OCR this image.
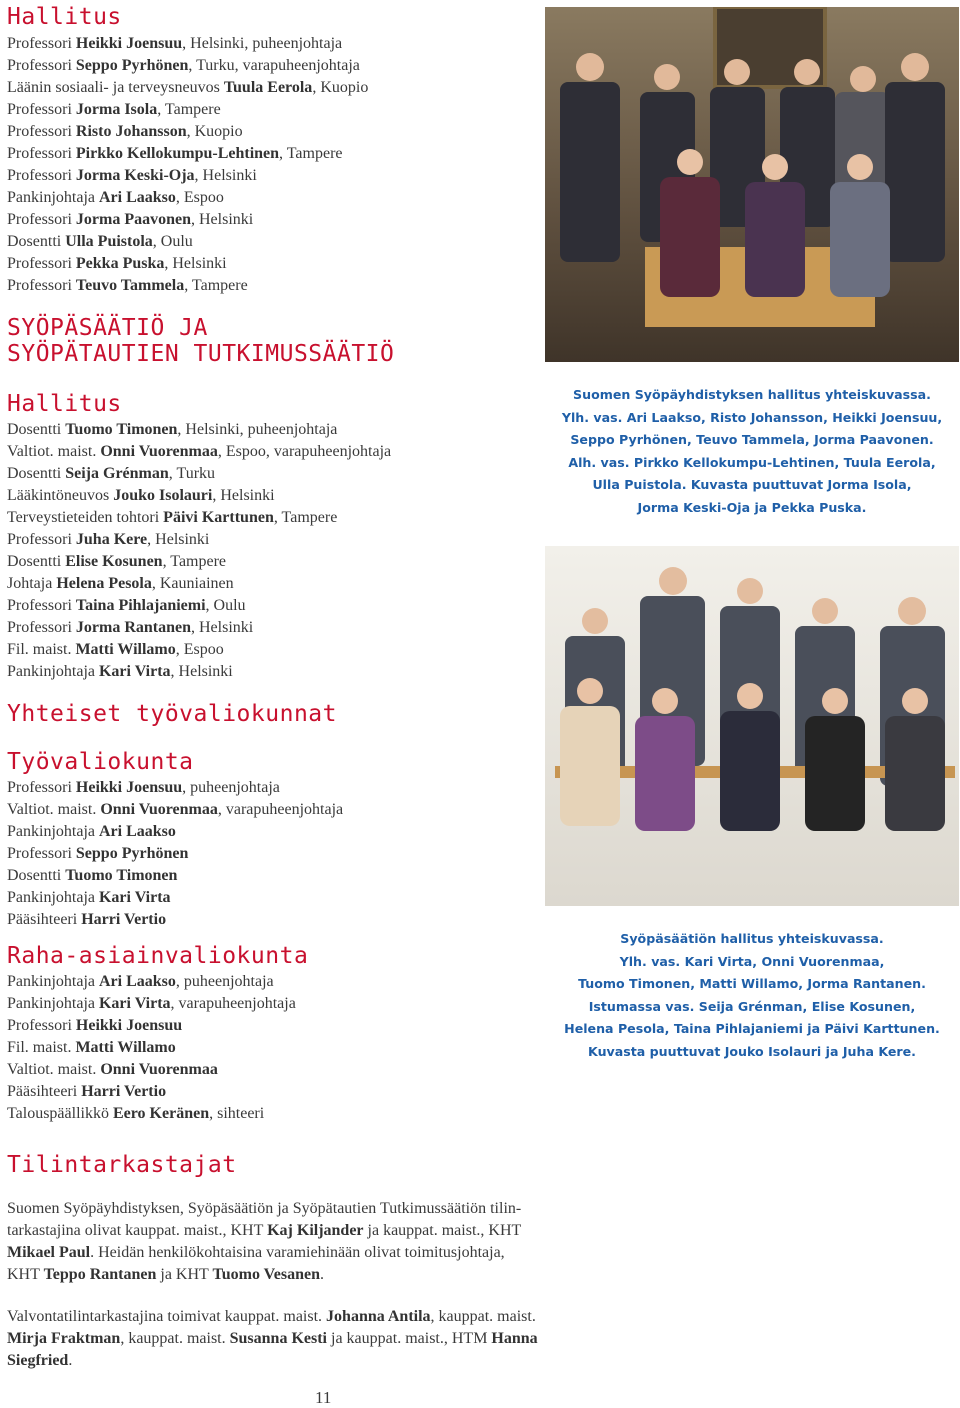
Hallitus
Professori Heikki Joensuu, Helsinki, puheenjohtaja
Professori Seppo Pyrhönen, Turku, varapuheenjohtaja
Läänin sosiaali- ja terveysneuvos Tuula Eerola, Kuopio
Professori Jorma Isola, Tampere
Professori Risto Johansson, Kuopio
Professori Pirkko Kellokumpu-Lehtinen, Tampere
Professori Jorma Keski-Oja, Helsinki
Pankinjohtaja Ari Laakso, Espoo
Professori Jorma Paavonen, Helsinki
Dosentti Ulla Puistola, Oulu
Professori Pekka Puska, Helsinki
Professori Teuvo Tammela, Tampere
SYÖPÄSÄÄTIÖ JA
SYÖPÄTAUTIEN TUTKIMUSSÄÄTIÖ
Hallitus
Dosentti Tuomo Timonen, Helsinki, puheenjohtaja
Valtiot. maist. Onni Vuorenmaa, Espoo, varapuheenjohtaja
Dosentti Seija Grénman, Turku
Lääkintöneuvos Jouko Isolauri, Helsinki
Terveystieteiden tohtori Päivi Karttunen, Tampere
Professori Juha Kere, Helsinki
Dosentti Elise Kosunen, Tampere
Johtaja Helena Pesola, Kauniainen
Professori Taina Pihlajaniemi, Oulu
Professori Jorma Rantanen, Helsinki
Fil. maist. Matti Willamo, Espoo
Pankinjohtaja Kari Virta, Helsinki
Yhteiset työvaliokunnat
Työvaliokunta
Professori Heikki Joensuu, puheenjohtaja
Valtiot. maist. Onni Vuorenmaa, varapuheenjohtaja
Pankinjohtaja Ari Laakso
Professori Seppo Pyrhönen
Dosentti Tuomo Timonen
Pankinjohtaja Kari Virta
Pääsihteeri Harri Vertio
Raha-asiainvaliokunta
Pankinjohtaja Ari Laakso, puheenjohtaja
Pankinjohtaja Kari Virta, varapuheenjohtaja
Professori Heikki Joensuu
Fil. maist. Matti Willamo
Valtiot. maist. Onni Vuorenmaa
Pääsihteeri Harri Vertio
Talouspäällikkö Eero Keränen, sihteeri
Tilintarkastajat
Suomen Syöpäyhdistyksen, Syöpäsäätiön ja Syöpätautien Tutkimussäätiön tilin-
tarkastajina olivat kauppat. maist., KHT Kaj Kiljander ja kauppat. maist., KHT
Mikael Paul. Heidän henkilökohtaisina varamiehinään olivat toimitusjohtaja,
KHT Teppo Rantanen ja KHT Tuomo Vesanen.
Valvontatilintarkastajina toimivat kauppat. maist. Johanna Antila, kauppat. maist.
Mirja Fraktman, kauppat. maist. Susanna Kesti ja kauppat. maist., HTM Hanna
Siegfried.
Suomen Syöpäyhdistyksen hallitus yhteiskuvassa.
Ylh. vas. Ari Laakso, Risto Johansson, Heikki Joensuu,
Seppo Pyrhönen, Teuvo Tammela, Jorma Paavonen.
Alh. vas. Pirkko Kellokumpu-Lehtinen, Tuula Eerola,
Ulla Puistola. Kuvasta puuttuvat Jorma Isola,
Jorma Keski-Oja ja Pekka Puska.
Syöpäsäätiön hallitus yhteiskuvassa.
Ylh. vas. Kari Virta, Onni Vuorenmaa,
Tuomo Timonen, Matti Willamo, Jorma Rantanen.
Istumassa vas. Seija Grénman, Elise Kosunen,
Helena Pesola, Taina Pihlajaniemi ja Päivi Karttunen.
Kuvasta puuttuvat Jouko Isolauri ja Juha Kere.
11
